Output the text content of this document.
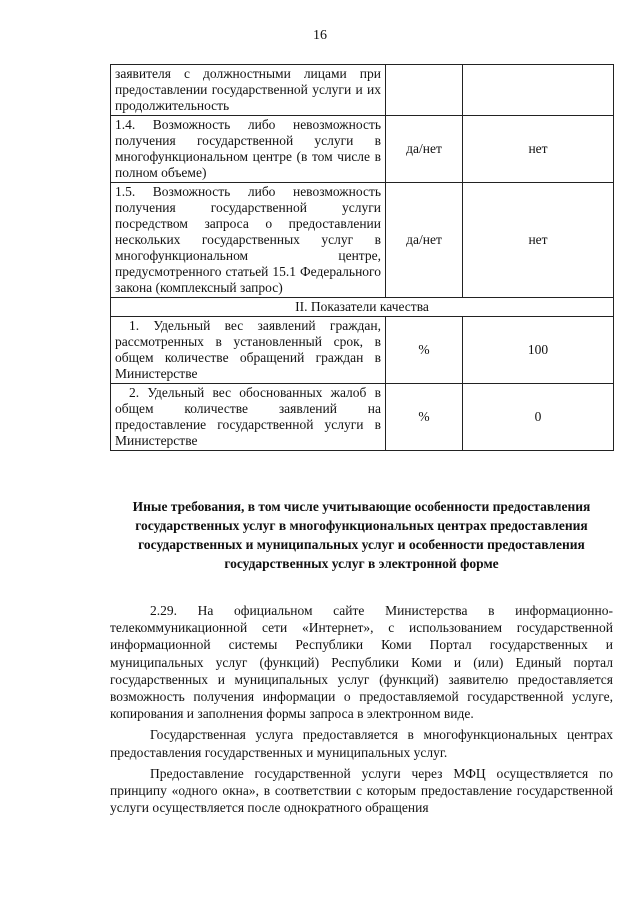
16
заявителя с должностными лицами при предоставлении государственной услуги и их продолжительность		
1.4. Возможность либо невозможность получения государственной услуги в многофункциональном центре (в том числе в полном объеме)	да/нет	нет
1.5. Возможность либо невозможность получения государственной услуги посредством запроса о предоставлении нескольких государственных услуг в многофункциональном центре, предусмотренного статьей 15.1 Федерального закона (комплексный запрос)	да/нет	нет
II. Показатели качества		
1. Удельный вес заявлений граждан, рассмотренных в установленный срок, в общем количестве обращений граждан в Министерстве	%	100
2. Удельный вес обоснованных жалоб в общем количестве заявлений на предоставление государственной услуги в Министерстве	%	0
Иные требования, в том числе учитывающие особенности предоставления государственных услуг в многофункциональных центрах предоставления государственных и муниципальных услуг и особенности предоставления государственных услуг в электронной форме

2.29. На официальном сайте Министерства в информационно-телекоммуникационной сети «Интернет», с использованием государственной информационной системы Республики Коми Портал государственных и муниципальных услуг (функций) Республики Коми и (или) Единый портал государственных и муниципальных услуг (функций) заявителю предоставляется возможность получения информации о предоставляемой государственной услуге, копирования и заполнения формы запроса в электронном виде.

Государственная услуга предоставляется в многофункциональных центрах предоставления государственных и муниципальных услуг.

Предоставление государственной услуги через МФЦ осуществляется по принципу «одного окна», в соответствии с которым предоставление государственной услуги осуществляется после однократного обращения
